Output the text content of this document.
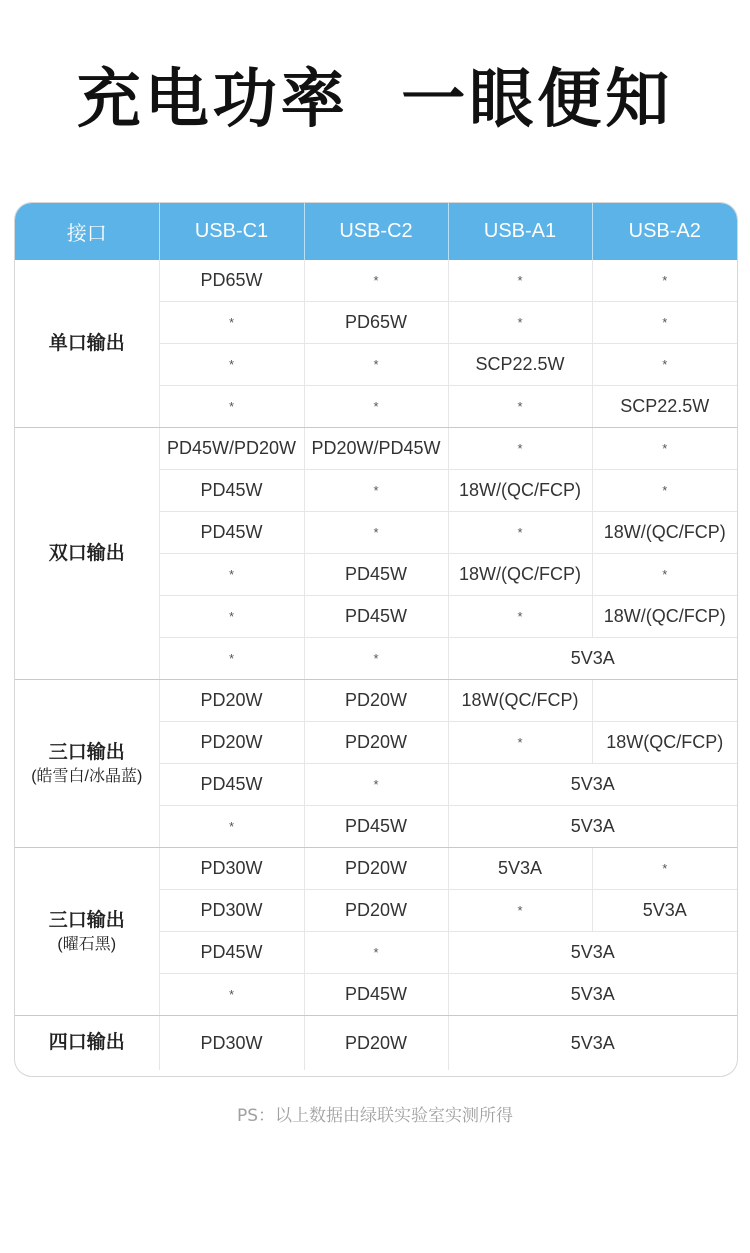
充电功率  一眼便知
接口	USB-C1	USB-C2	USB-A1	USB-A2
单口输出	PD65W	*	*	*
	*	PD65W	*	*
	*	*	SCP22.5W	*
	*	*	*	SCP22.5W
双口输出	PD45W/PD20W	PD20W/PD45W	*	*
	PD45W	*	18W/(QC/FCP)	*
	PD45W	*	*	18W/(QC/FCP)
	*	PD45W	18W/(QC/FCP)	*
	*	PD45W	*	18W/(QC/FCP)
	*	*	5V3A	
三口输出
(皓雪白/冰晶蓝)	PD20W	PD20W	18W(QC/FCP)	
	PD20W	PD20W	*	18W(QC/FCP)
	PD45W	*	5V3A	
	*	PD45W	5V3A	
三口输出
(曜石黑)	PD30W	PD20W	5V3A	*
	PD30W	PD20W	*	5V3A
	PD45W	*	5V3A	
	*	PD45W	5V3A	
四口输出	PD30W	PD20W	5V3A	
PS：以上数据由绿联实验室实测所得
